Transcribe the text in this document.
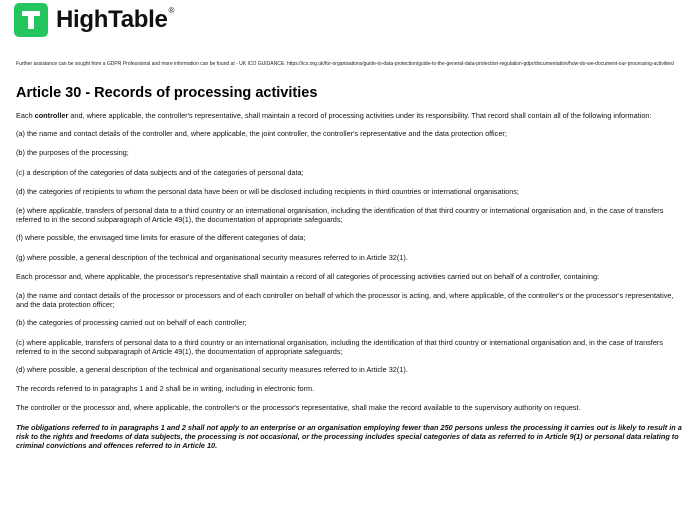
HighTable®
Further assistance can be sought from a GDPR Professional and more information can be found at - UK ICO GUIDANCE: https://ico.org.uk/for-organisations/guide-to-data-protection/guide-to-the-general-data-protection-regulation-gdpr/documentation/how-do-we-document-our-processing-activities/
Article 30 - Records of processing activities

Each controller and, where applicable, the controller's representative, shall maintain a record of processing activities under its responsibility. That record shall contain all of the following information:

(a) the name and contact details of the controller and, where applicable, the joint controller, the controller's representative and the data protection officer;

(b) the purposes of the processing;

(c) a description of the categories of data subjects and of the categories of personal data;

(d) the categories of recipients to whom the personal data have been or will be disclosed including recipients in third countries or international organisations;

(e) where applicable, transfers of personal data to a third country or an international organisation, including the identification of that third country or international organisation and, in the case of transfers referred to in the second subparagraph of Article 49(1), the documentation of appropriate safeguards;

(f) where possible, the envisaged time limits for erasure of the different categories of data;

(g) where possible, a general description of the technical and organisational security measures referred to in Article 32(1).

Each processor and, where applicable, the processor's representative shall maintain a record of all categories of processing activities carried out on behalf of a controller, containing:

(a) the name and contact details of the processor or processors and of each controller on behalf of which the processor is acting, and, where applicable, of the controller's or the processor's representative, and the data protection officer;

(b) the categories of processing carried out on behalf of each controller;

(c) where applicable, transfers of personal data to a third country or an international organisation, including the identification of that third country or international organisation and, in the case of transfers referred to in the second subparagraph of Article 49(1), the documentation of appropriate safeguards;

(d) where possible, a general description of the technical and organisational security measures referred to in Article 32(1).

The records referred to in paragraphs 1 and 2 shall be in writing, including in electronic form.

The controller or the processor and, where applicable, the controller's or the processor's representative, shall make the record available to the supervisory authority on request.

The obligations referred to in paragraphs 1 and 2 shall not apply to an enterprise or an organisation employing fewer than 250 persons unless the processing it carries out is likely to result in a risk to the rights and freedoms of data subjects, the processing is not occasional, or the processing includes special categories of data as referred to in Article 9(1) or personal data relating to criminal convictions and offences referred to in Article 10.
